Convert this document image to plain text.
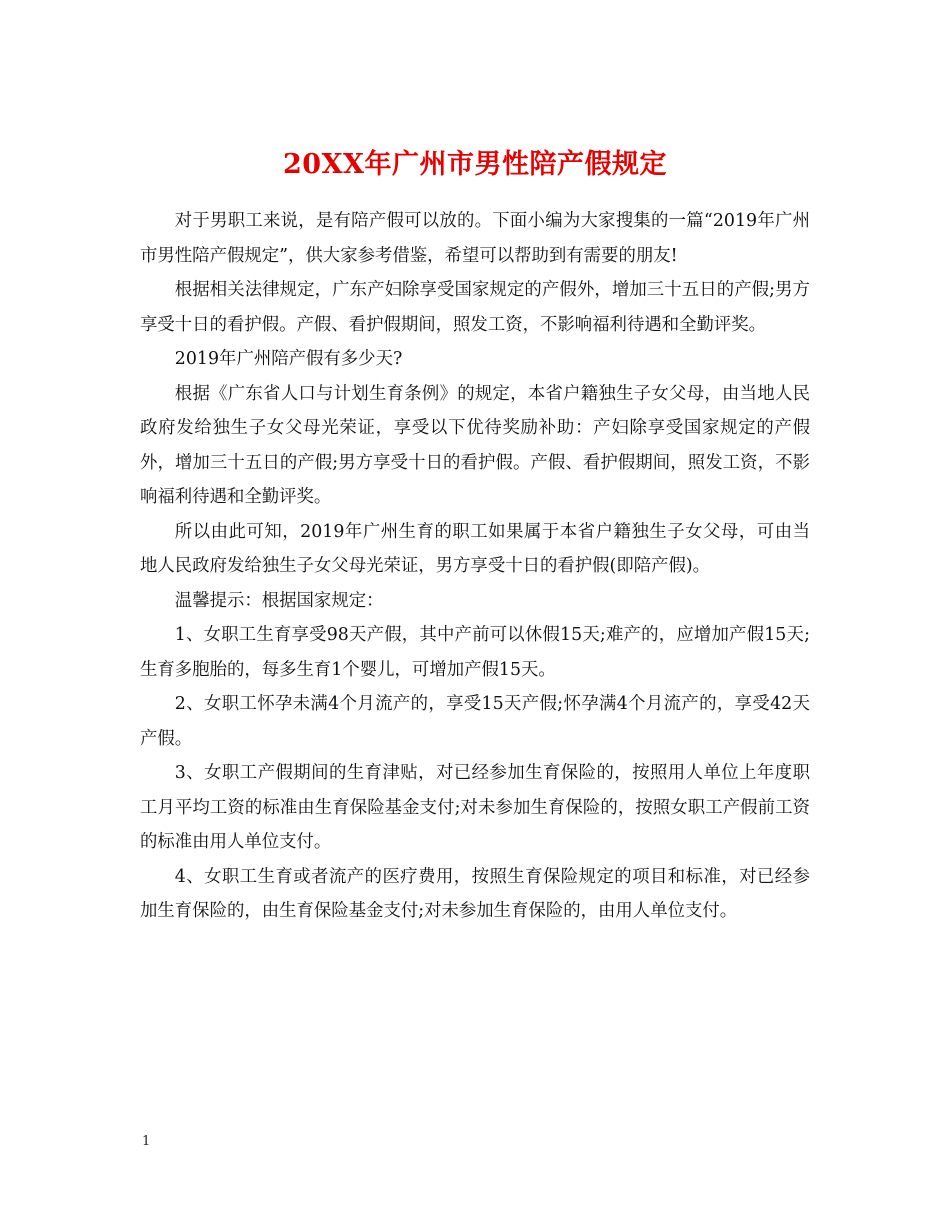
20XX年广州市男性陪产假规定

对于男职工来说，是有陪产假可以放的。下面小编为大家搜集的一篇“2019年广州市男性陪产假规定”，供大家参考借鉴，希望可以帮助到有需要的朋友!

根据相关法律规定，广东产妇除享受国家规定的产假外，增加三十五日的产假;男方享受十日的看护假。产假、看护假期间，照发工资，不影响福利待遇和全勤评奖。

2019年广州陪产假有多少天?

根据《广东省人口与计划生育条例》的规定，本省户籍独生子女父母，由当地人民政府发给独生子女父母光荣证，享受以下优待奖励补助：产妇除享受国家规定的产假外，增加三十五日的产假;男方享受十日的看护假。产假、看护假期间，照发工资，不影响福利待遇和全勤评奖。

所以由此可知，2019年广州生育的职工如果属于本省户籍独生子女父母，可由当地人民政府发给独生子女父母光荣证，男方享受十日的看护假(即陪产假)。

温馨提示：根据国家规定：

1、女职工生育享受98天产假，其中产前可以休假15天;难产的，应增加产假15天;生育多胞胎的，每多生育1个婴儿，可增加产假15天。

2、女职工怀孕未满4个月流产的，享受15天产假;怀孕满4个月流产的，享受42天产假。

3、女职工产假期间的生育津贴，对已经参加生育保险的，按照用人单位上年度职工月平均工资的标准由生育保险基金支付;对未参加生育保险的，按照女职工产假前工资的标准由用人单位支付。

4、女职工生育或者流产的医疗费用，按照生育保险规定的项目和标准，对已经参加生育保险的，由生育保险基金支付;对未参加生育保险的，由用人单位支付。

1
